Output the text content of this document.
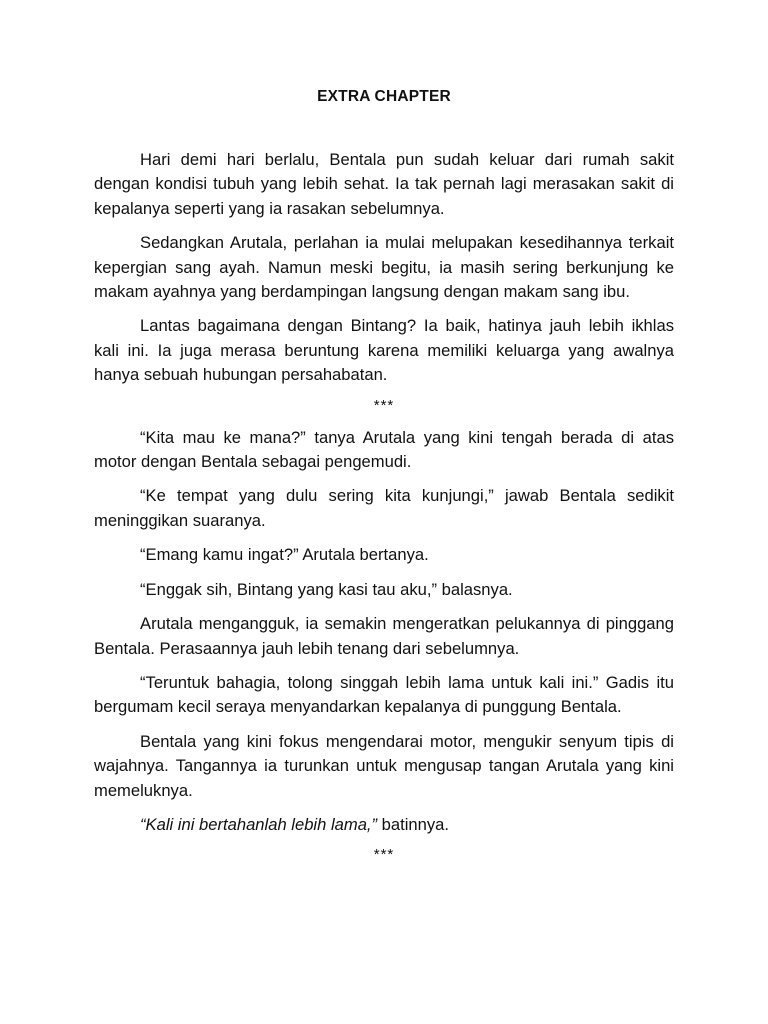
EXTRA CHAPTER

Hari demi hari berlalu, Bentala pun sudah keluar dari rumah sakit dengan kondisi tubuh yang lebih sehat. Ia tak pernah lagi merasakan sakit di kepalanya seperti yang ia rasakan sebelumnya.

Sedangkan Arutala, perlahan ia mulai melupakan kesedihannya terkait kepergian sang ayah. Namun meski begitu, ia masih sering berkunjung ke makam ayahnya yang berdampingan langsung dengan makam sang ibu.

Lantas bagaimana dengan Bintang? Ia baik, hatinya jauh lebih ikhlas kali ini. Ia juga merasa beruntung karena memiliki keluarga yang awalnya hanya sebuah hubungan persahabatan.

***

“Kita mau ke mana?” tanya Arutala yang kini tengah berada di atas motor dengan Bentala sebagai pengemudi.

“Ke tempat yang dulu sering kita kunjungi,” jawab Bentala sedikit meninggikan suaranya.

“Emang kamu ingat?” Arutala bertanya.

“Enggak sih, Bintang yang kasi tau aku,” balasnya.

Arutala mengangguk, ia semakin mengeratkan pelukannya di pinggang Bentala. Perasaannya jauh lebih tenang dari sebelumnya.

“Teruntuk bahagia, tolong singgah lebih lama untuk kali ini.” Gadis itu bergumam kecil seraya menyandarkan kepalanya di punggung Bentala.

Bentala yang kini fokus mengendarai motor, mengukir senyum tipis di wajahnya. Tangannya ia turunkan untuk mengusap tangan Arutala yang kini memeluknya.

“Kali ini bertahanlah lebih lama,” batinnya.

***
